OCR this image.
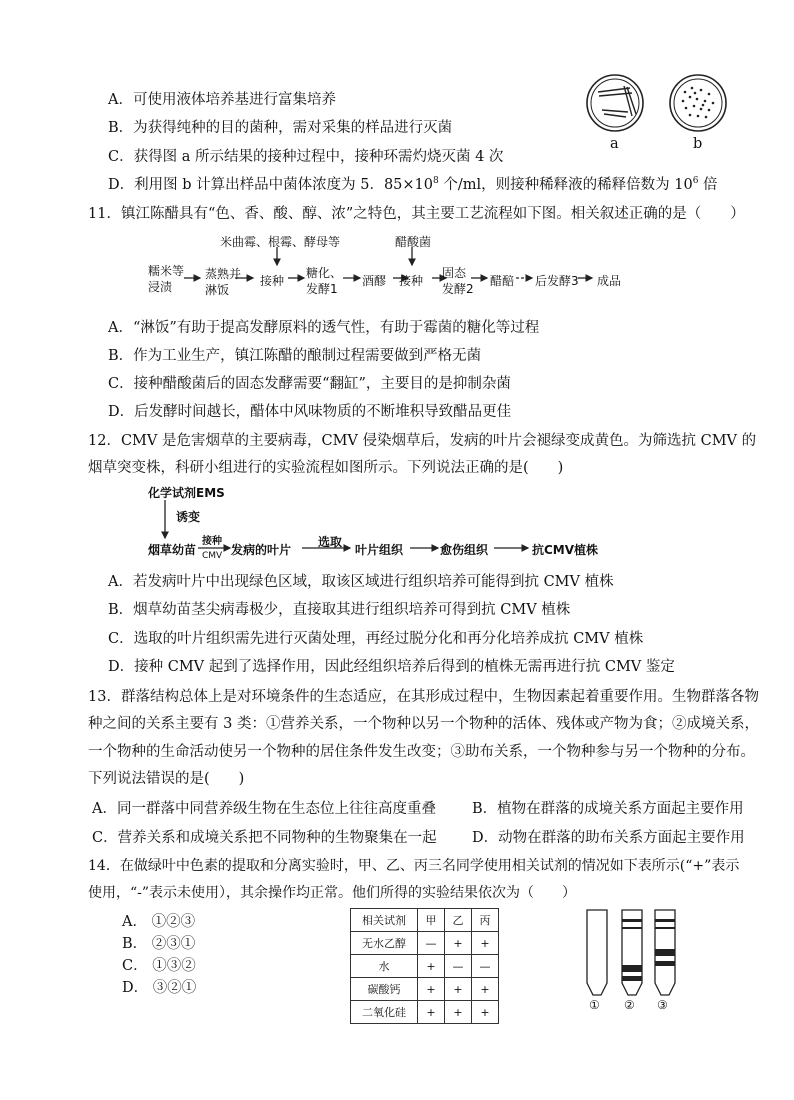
A．可使用液体培养基进行富集培养
B．为获得纯种的目的菌种，需对采集的样品进行灭菌
C．获得图 a 所示结果的接种过程中，接种环需灼烧灭菌 4 次
D．利用图 b 计算出样品中菌体浓度为 5．$85\times 10^8$ 个/ml，则接种稀释液的稀释倍数为 $10^6$ 倍
a	b
11．镇江陈醋具有“色、香、酸、醇、浓”之特色，其主要工艺流程如下图。相关叙述正确的是（　　）
米曲霉、根霉、酵母等	醋酸菌
糯米等
浸渍
蒸熟并
淋饭
接种
糖化、
发酵1
酒醪 接种
固态
发酵2
醋醅 后发酵3 成品
A．“淋饭”有助于提高发酵原料的透气性，有助于霉菌的糖化等过程
B．作为工业生产，镇江陈醋的酿制过程需要做到严格无菌
C．接种醋酸菌后的固态发酵需要“翻缸”，主要目的是抑制杂菌
D．后发酵时间越长，醋体中风味物质的不断堆积导致醋品更佳
12．CMV 是危害烟草的主要病毒，CMV 侵染烟草后，发病的叶片会褪绿变成黄色。为筛选抗 CMV 的
烟草突变株，科研小组进行的实验流程如图所示。下列说法正确的是(　　)
化学试剂EMS
诱变
接种
CMV
选取
烟草幼苗	发病的叶片	叶片组织	愈伤组织	抗CMV植株
A．若发病叶片中出现绿色区域，取该区域进行组织培养可能得到抗 CMV 植株
B．烟草幼苗茎尖病毒极少，直接取其进行组织培养可得到抗 CMV 植株
C．选取的叶片组织需先进行灭菌处理，再经过脱分化和再分化培养成抗 CMV 植株
D．接种 CMV 起到了选择作用，因此经组织培养后得到的植株无需再进行抗 CMV 鉴定
13．群落结构总体上是对环境条件的生态适应，在其形成过程中，生物因素起着重要作用。生物群落各物
种之间的关系主要有 3 类：①营养关系，一个物种以另一个物种的活体、残体或产物为食；②成境关系，
一个物种的生命活动使另一个物种的居住条件发生改变；③助布关系，一个物种参与另一个物种的分布。
下列说法错误的是(　　)
A．同一群落中同营养级生物在生态位上往往高度重叠 B．植物在群落的成境关系方面起主要作用
C．营养关系和成境关系把不同物种的生物聚集在一起 D．动物在群落的助布关系方面起主要作用
14．在做绿叶中色素的提取和分离实验时，甲、乙、丙三名同学使用相关试剂的情况如下表所示(“+”表示
使用，“-”表示未使用），其余操作均正常。他们所得的实验结果依次为（　　）
A． ①②③
B． ②③①
C． ①③②
D． ③②①
相关试剂	甲	乙	丙
无水乙醇	—	+	+
水	+	—	—
碳酸钙	+	+	+
二氧化硅	+	+	+	① ② ③
